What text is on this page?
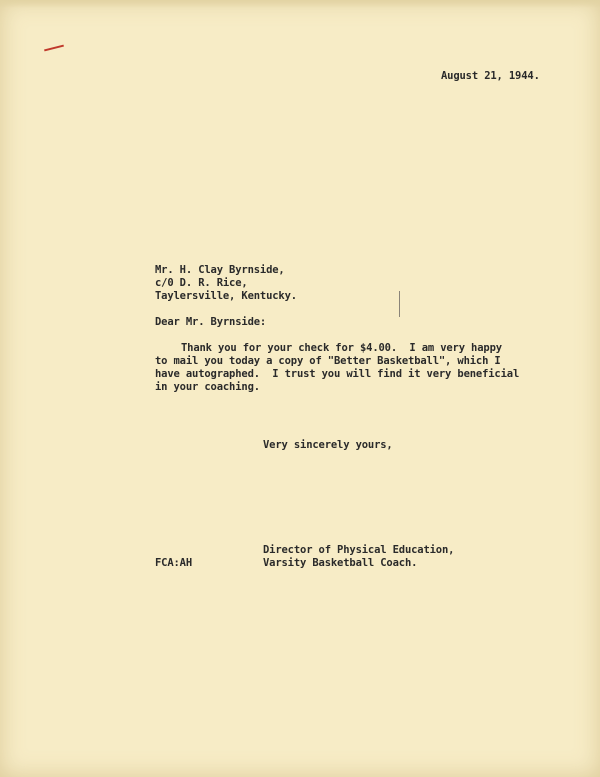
August 21, 1944.
Mr. H. Clay Byrnside,
c/0 D. R. Rice,
Taylersville, Kentucky.
Dear Mr. Byrnside:
Thank you for your check for $4.00.  I am very happy
to mail you today a copy of "Better Basketball", which I
have autographed.  I trust you will find it very beneficial
in your coaching.
Very sincerely yours,
Director of Physical Education,
Varsity Basketball Coach.
FCA:AH
